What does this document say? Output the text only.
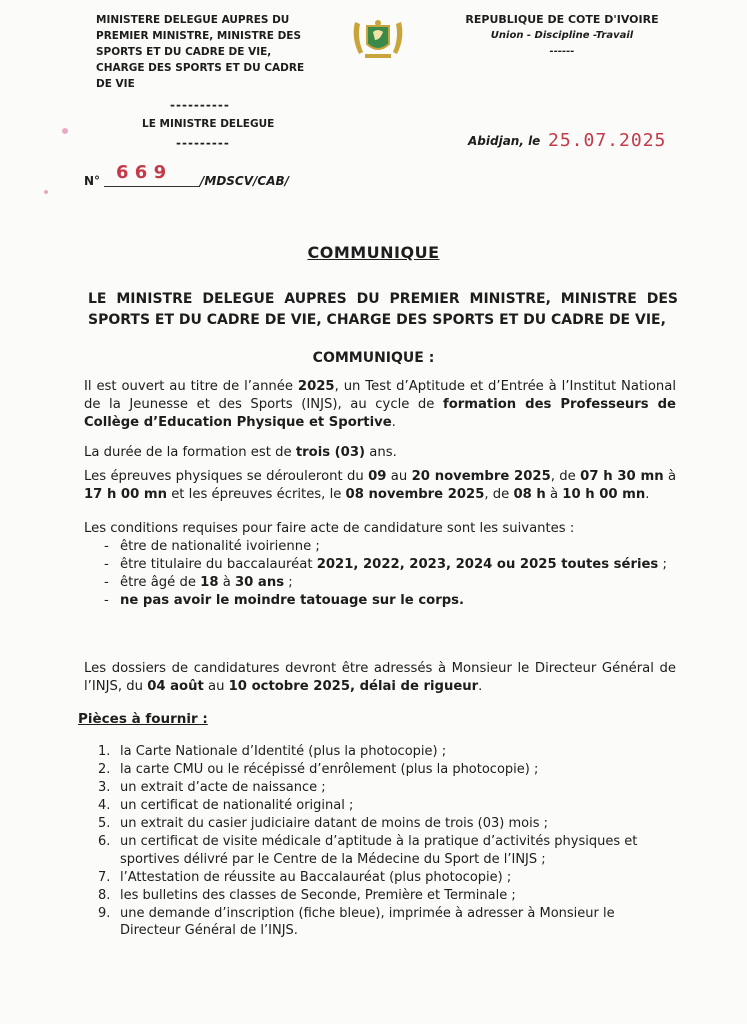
MINISTERE DELEGUE AUPRES DU
PREMIER MINISTRE, MINISTRE DES
SPORTS ET DU CADRE DE VIE,
CHARGE DES SPORTS ET DU CADRE
DE VIE
----------
LE MINISTRE DELEGUE
---------
REPUBLIQUE DE COTE D'IVOIRE
Union - Discipline -Travail
------
Abidjan, le 25.07.2025
N° 6 6 9	/MDSCV/CAB/
COMMUNIQUE
LE MINISTRE DELEGUE AUPRES DU PREMIER MINISTRE, MINISTRE DES SPORTS ET DU CADRE DE VIE, CHARGE DES SPORTS ET DU CADRE DE VIE,
COMMUNIQUE :
Il est ouvert au titre de l’année 2025, un Test d’Aptitude et d’Entrée à l’Institut National de la Jeunesse et des Sports (INJS), au cycle de formation des Professeurs de Collège d’Education Physique et Sportive.
La durée de la formation est de trois (03) ans.
Les épreuves physiques se dérouleront du 09 au 20 novembre 2025, de 07 h 30 mn à 17 h 00 mn et les épreuves écrites, le 08 novembre 2025, de 08 h à 10 h 00 mn.
Les conditions requises pour faire acte de candidature sont les suivantes :
- être de nationalité ivoirienne ;
- être titulaire du baccalauréat 2021, 2022, 2023, 2024 ou 2025 toutes séries ;
- être âgé de 18 à 30 ans ;
- ne pas avoir le moindre tatouage sur le corps.
Les dossiers de candidatures devront être adressés à Monsieur le Directeur Général de l’INJS, du 04 août au 10 octobre 2025, délai de rigueur.
Pièces à fournir :
1. la Carte Nationale d’Identité (plus la photocopie) ;
2. la carte CMU ou le récépissé d’enrôlement (plus la photocopie) ;
3. un extrait d’acte de naissance ;
4. un certificat de nationalité original ;
5. un extrait du casier judiciaire datant de moins de trois (03) mois ;
6. un certificat de visite médicale d’aptitude à la pratique d’activités physiques et sportives délivré par le Centre de la Médecine du Sport de l’INJS ;
7. l’Attestation de réussite au Baccalauréat (plus photocopie) ;
8. les bulletins des classes de Seconde, Première et Terminale ;
9. une demande d’inscription (fiche bleue), imprimée à adresser à Monsieur le Directeur Général de l’INJS.
